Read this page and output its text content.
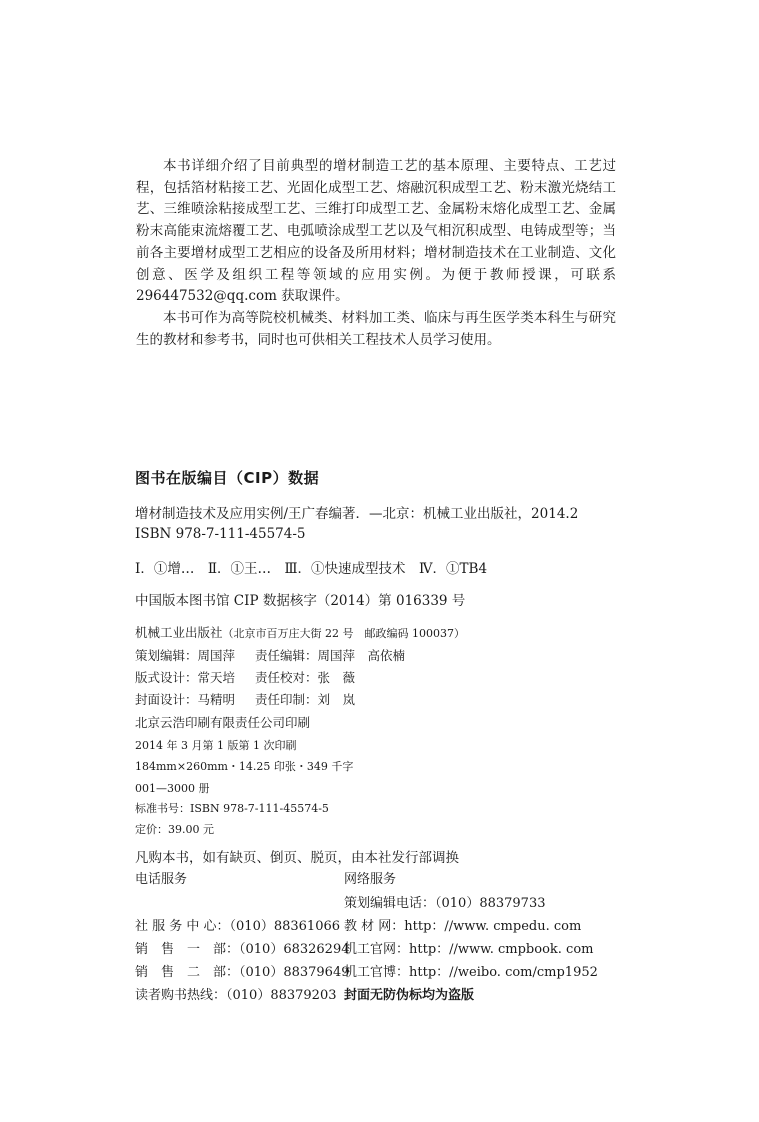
本书详细介绍了目前典型的增材制造工艺的基本原理、主要特点、工艺过程，包括箔材粘接工艺、光固化成型工艺、熔融沉积成型工艺、粉末激光烧结工艺、三维喷涂粘接成型工艺、三维打印成型工艺、金属粉末熔化成型工艺、金属粉末高能束流熔覆工艺、电弧喷涂成型工艺以及气相沉积成型、电铸成型等；当前各主要增材成型工艺相应的设备及所用材料；增材制造技术在工业制造、文化创意、医学及组织工程等领域的应用实例。为便于教师授课，可联系 296447532@qq.com 获取课件。

本书可作为高等院校机械类、材料加工类、临床与再生医学类本科生与研究生的教材和参考书，同时也可供相关工程技术人员学习使用。

图书在版编目（CIP）数据
增材制造技术及应用实例/王广春编著．—北京：机械工业出版社，2014.2
ISBN 978-7-111-45574-5
Ⅰ．①增…　Ⅱ．①王…　Ⅲ．①快速成型技术　Ⅳ．①TB4
中国版本图书馆 CIP 数据核字（2014）第 016339 号
机械工业出版社（北京市百万庄大街 22 号　邮政编码 100037）
策划编辑：周国萍 责任编辑：周国萍　高依楠
版式设计：常天培 责任校对：张　薇
封面设计：马精明 责任印制：刘　岚
北京云浩印刷有限责任公司印刷
2014 年 3 月第 1 版第 1 次印刷
184mm×260mm・14.25 印张・349 千字
001—3000 册
标准书号：ISBN 978-7-111-45574-5
定价：39.00 元
凡购本书，如有缺页、倒页、脱页，由本社发行部调换
电话服务	网络服务
策划编辑电话：（010）88379733
社 服 务 中 心：（010）88361066 教 材 网：http：//www. cmpedu. com
销　售　一　部：（010）68326294
机工官网：http：//www. cmpbook. com
销　售　二　部：（010）88379649
机工官博：http：//weibo. com/cmp1952
读者购书热线：（010）88379203 封面无防伪标均为盗版
